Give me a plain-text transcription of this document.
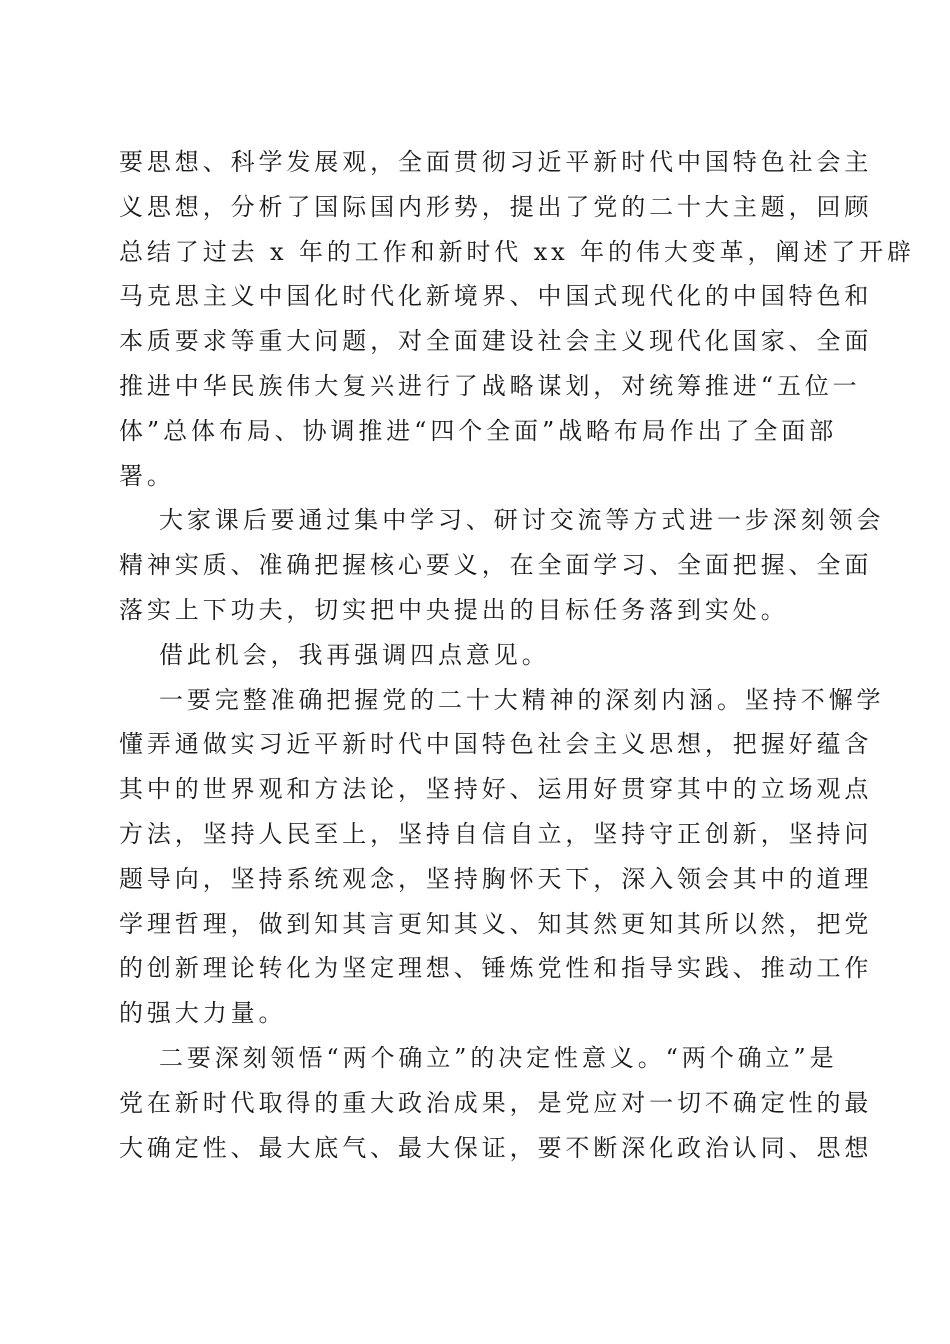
要思想、科学发展观，全面贯彻习近平新时代中国特色社会主
义思想，分析了国际国内形势，提出了党的二十大主题，回顾
总结了过去 x 年的工作和新时代 xx 年的伟大变革，阐述了开辟
马克思主义中国化时代化新境界、中国式现代化的中国特色和
本质要求等重大问题，对全面建设社会主义现代化国家、全面
推进中华民族伟大复兴进行了战略谋划，对统筹推进“五位一
体”总体布局、协调推进“四个全面”战略布局作出了全面部
署。
大家课后要通过集中学习、研讨交流等方式进一步深刻领会
精神实质、准确把握核心要义，在全面学习、全面把握、全面
落实上下功夫，切实把中央提出的目标任务落到实处。
借此机会，我再强调四点意见。
一要完整准确把握党的二十大精神的深刻内涵。坚持不懈学
懂弄通做实习近平新时代中国特色社会主义思想，把握好蕴含
其中的世界观和方法论，坚持好、运用好贯穿其中的立场观点
方法，坚持人民至上，坚持自信自立，坚持守正创新，坚持问
题导向，坚持系统观念，坚持胸怀天下，深入领会其中的道理
学理哲理，做到知其言更知其义、知其然更知其所以然，把党
的创新理论转化为坚定理想、锤炼党性和指导实践、推动工作
的强大力量。
二要深刻领悟“两个确立”的决定性意义。“两个确立”是
党在新时代取得的重大政治成果，是党应对一切不确定性的最
大确定性、最大底气、最大保证，要不断深化政治认同、思想
